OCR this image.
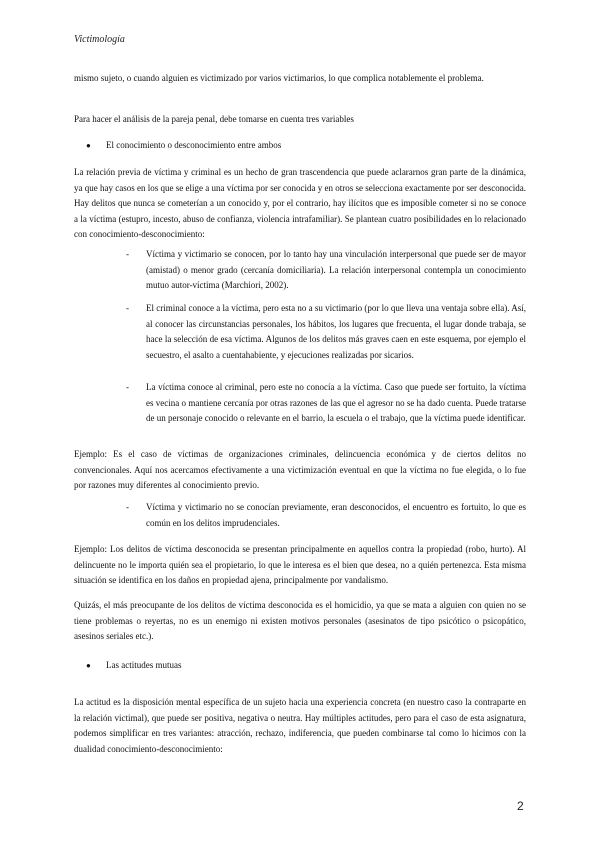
Victimología

mismo sujeto, o cuando alguien es victimizado por varios victimarios, lo que complica notablemente el problema.

Para hacer el análisis de la pareja penal, debe tomarse en cuenta tres variables

● El conocimiento o desconocimiento entre ambos

La relación previa de víctima y criminal es un hecho de gran trascendencia que puede aclararnos gran parte de la dinámica, ya que hay casos en los que se elige a una víctima por ser conocida y en otros se selecciona exactamente por ser desconocida. Hay delitos que nunca se cometerían a un conocido y, por el contrario, hay ilícitos que es imposible cometer si no se conoce a la víctima (estupro, incesto, abuso de confianza, violencia intrafamiliar). Se plantean cuatro posibilidades en lo relacionado con conocimiento-desconocimiento:

- Víctima y victimario se conocen, por lo tanto hay una vinculación interpersonal que puede ser de mayor (amistad) o menor grado (cercanía domiciliaria). La relación interpersonal contempla un conocimiento mutuo autor-víctima (Marchiori, 2002).

- El criminal conoce a la víctima, pero esta no a su victimario (por lo que lleva una ventaja sobre ella). Así, al conocer las circunstancias personales, los hábitos, los lugares que frecuenta, el lugar donde trabaja, se hace la selección de esa víctima. Algunos de los delitos más graves caen en este esquema, por ejemplo el secuestro, el asalto a cuentahabiente, y ejecuciones realizadas por sicarios.

- La víctima conoce al criminal, pero este no conocía a la víctima. Caso que puede ser fortuito, la víctima es vecina o mantiene cercanía por otras razones de las que el agresor no se ha dado cuenta. Puede tratarse de un personaje conocido o relevante en el barrio, la escuela o el trabajo, que la víctima puede identificar.

Ejemplo: Es el caso de víctimas de organizaciones criminales, delincuencia económica y de ciertos delitos no convencionales. Aquí nos acercamos efectivamente a una victimización eventual en que la víctima no fue elegida, o lo fue por razones muy diferentes al conocimiento previo.

- Víctima y victimario no se conocían previamente, eran desconocidos, el encuentro es fortuito, lo que es común en los delitos imprudenciales.

Ejemplo: Los delitos de víctima desconocida se presentan principalmente en aquellos contra la propiedad (robo, hurto). Al delincuente no le importa quién sea el propietario, lo que le interesa es el bien que desea, no a quién pertenezca. Esta misma situación se identifica en los daños en propiedad ajena, principalmente por vandalismo.

Quizás, el más preocupante de los delitos de víctima desconocida es el homicidio, ya que se mata a alguien con quien no se tiene problemas o reyertas, no es un enemigo ni existen motivos personales (asesinatos de tipo psicótico o psicopático, asesinos seriales etc.).

● Las actitudes mutuas

La actitud es la disposición mental específica de un sujeto hacia una experiencia concreta (en nuestro caso la contraparte en la relación victimal), que puede ser positiva, negativa o neutra. Hay múltiples actitudes, pero para el caso de esta asignatura, podemos simplificar en tres variantes: atracción, rechazo, indiferencia, que pueden combinarse tal como lo hicimos con la dualidad conocimiento-desconocimiento:

2
